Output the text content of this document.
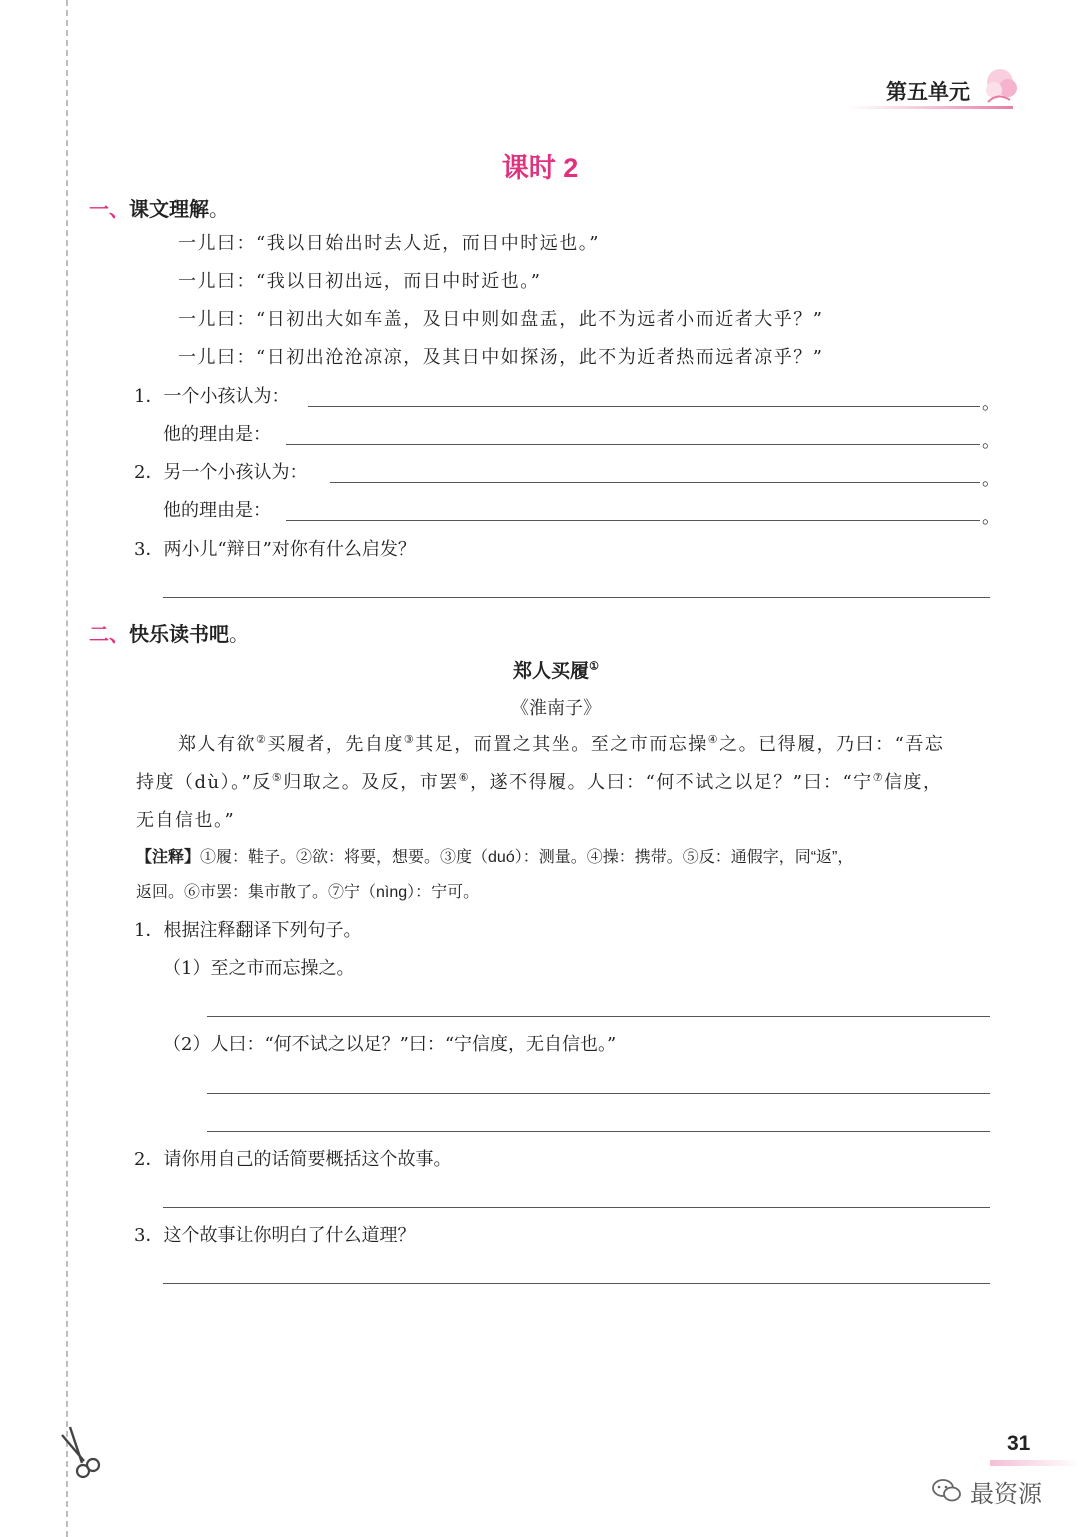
第五单元
课时 2
一、课文理解。
一儿曰：“我以日始出时去人近，而日中时远也。”
一儿曰：“我以日初出远，而日中时近也。”
一儿曰：“日初出大如车盖，及日中则如盘盂，此不为远者小而近者大乎？”
一儿曰：“日初出沧沧凉凉，及其日中如探汤，此不为近者热而远者凉乎？”
1．一个小孩认为：	。
他的理由是：	。
2．另一个小孩认为：	。
他的理由是：	。
3．两小儿“辩日”对你有什么启发？
二、快乐读书吧。
郑人买履①
《淮南子》
郑人有欲②买履者，先自度③其足，而置之其坐。至之市而忘操④之。已得履，乃曰：“吾忘
持度（dù）。”反⑤归取之。及反，市罢⑥，遂不得履。人曰：“何不试之以足？”曰：“宁⑦信度，
无自信也。”
【注释】①履：鞋子。②欲：将要，想要。③度（duó）：测量。④操：携带。⑤反：通假字，同“返”，
返回。⑥市罢：集市散了。⑦宁（nìng）：宁可。
1．根据注释翻译下列句子。
（1）至之市而忘操之。
（2）人曰：“何不试之以足？”曰：“宁信度，无自信也。”
2．请你用自己的话简要概括这个故事。
3．这个故事让你明白了什么道理？
31
最资源
